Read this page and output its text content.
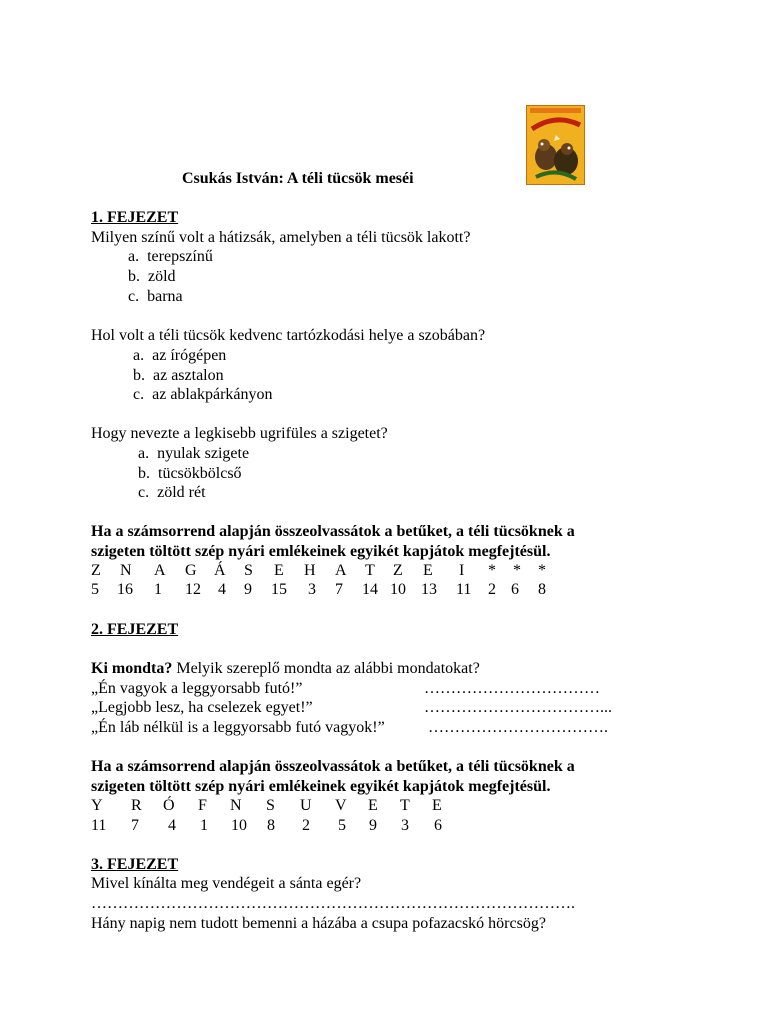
Csukás István: A téli tücsök meséi
1. FEJEZET
Milyen színű volt a hátizsák, amelyben a téli tücsök lakott?
a. terepszínű
b. zöld
c. barna
Hol volt a téli tücsök kedvenc tartózkodási helye a szobában?
a. az írógépen
b. az asztalon
c. az ablakpárkányon
Hogy nevezte a legkisebb ugrifüles a szigetet?
a. nyulak szigete
b. tücsökbölcső
c. zöld rét
Ha a számsorrend alapján összeolvassátok a betűket, a téli tücsöknek a
szigeten töltött szép nyári emlékeinek egyikét kapjátok megfejtésül.
Z N A G Á S E H A T Z E I * * *
5 16 1 12 4 9 15 3 7 14 10 13 11 2 6 8
2. FEJEZET
Ki mondta? Melyik szereplő mondta az alábbi mondatokat?
„Én vagyok a leggyorsabb futó!”	……………………………
„Legjobb lesz, ha cselezek egyet!”	……………………………...
„Én láb nélkül is a leggyorsabb futó vagyok!”	…………………………….
Ha a számsorrend alapján összeolvassátok a betűket, a téli tücsöknek a
szigeten töltött szép nyári emlékeinek egyikét kapjátok megfejtésül.
Y R Ó F N S U V E T E
11 7 4 1 10 8 2 5 9 3 6
3. FEJEZET
Mivel kínálta meg vendégeit a sánta egér?
……………………………………………………………………………….
Hány napig nem tudott bemenni a házába a csupa pofazacskó hörcsög?
